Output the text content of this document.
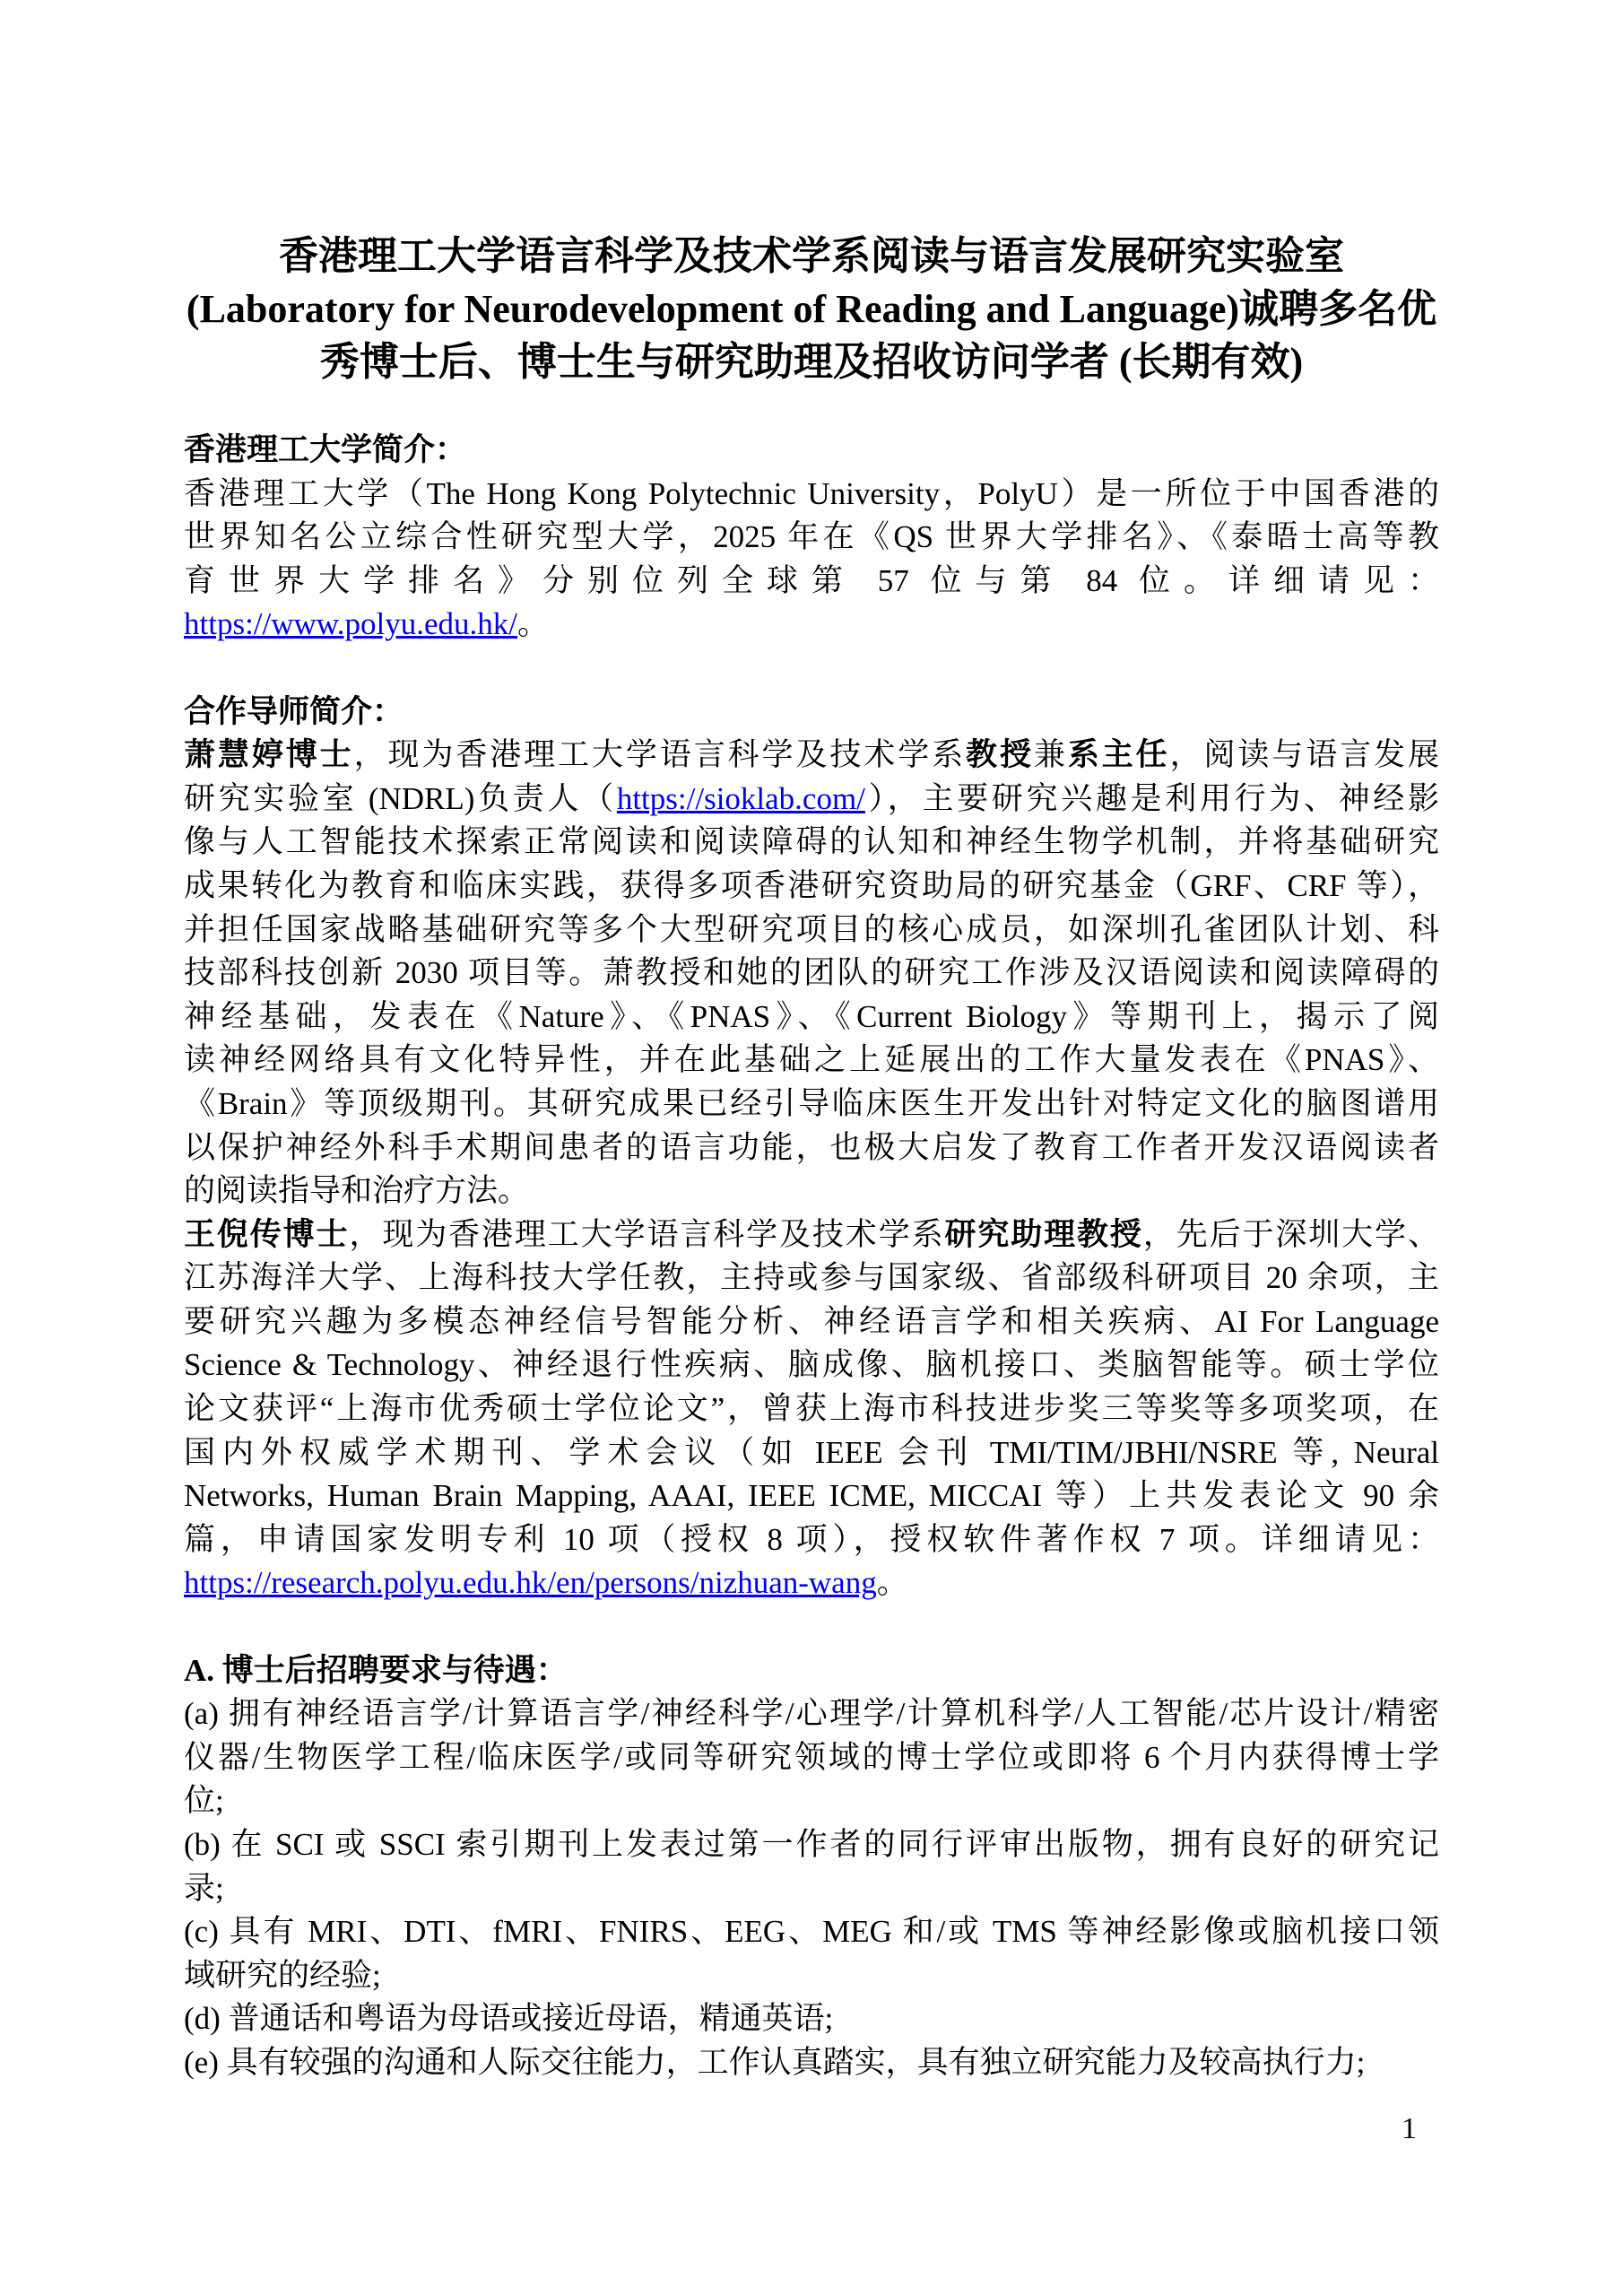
香港理工大学语言科学及技术学系阅读与语言发展研究实验室
(Laboratory for Neurodevelopment of Reading and Language)诚聘多名优
秀博士后、博士生与研究助理及招收访问学者 (长期有效)
香港理工大学简介：
香港理工大学（The Hong Kong Polytechnic University，PolyU）是一所位于中国香港的
世界知名公立综合性研究型大学，2025 年在《QS 世界大学排名》、《泰晤士高等教
育世界大学排名》分别位列全球第 57 位与第 84 位。详细请见：
https://www.polyu.edu.hk/。
合作导师简介：
萧慧婷博士，现为香港理工大学语言科学及技术学系教授兼系主任，阅读与语言发展
研究实验室 (NDRL)负责人（https://sioklab.com/），主要研究兴趣是利用行为、神经影
像与人工智能技术探索正常阅读和阅读障碍的认知和神经生物学机制，并将基础研究
成果转化为教育和临床实践，获得多项香港研究资助局的研究基金（GRF、CRF 等），
并担任国家战略基础研究等多个大型研究项目的核心成员，如深圳孔雀团队计划、科
技部科技创新 2030 项目等。萧教授和她的团队的研究工作涉及汉语阅读和阅读障碍的
神经基础，发表在《Nature》、《PNAS》、《Current Biology》等期刊上，揭示了阅
读神经网络具有文化特异性，并在此基础之上延展出的工作大量发表在《PNAS》、
《Brain》等顶级期刊。其研究成果已经引导临床医生开发出针对特定文化的脑图谱用
以保护神经外科手术期间患者的语言功能，也极大启发了教育工作者开发汉语阅读者
的阅读指导和治疗方法。
王倪传博士，现为香港理工大学语言科学及技术学系研究助理教授，先后于深圳大学、
江苏海洋大学、上海科技大学任教，主持或参与国家级、省部级科研项目 20 余项，主
要研究兴趣为多模态神经信号智能分析、神经语言学和相关疾病、AI For Language
Science & Technology、神经退行性疾病、脑成像、脑机接口、类脑智能等。硕士学位
论文获评“上海市优秀硕士学位论文”，曾获上海市科技进步奖三等奖等多项奖项，在
国内外权威学术期刊、学术会议（如 IEEE 会刊 TMI/TIM/JBHI/NSRE 等, Neural
Networks, Human Brain Mapping, AAAI, IEEE ICME, MICCAI 等）上共发表论文 90 余
篇，申请国家发明专利 10 项（授权 8 项），授权软件著作权 7 项。详细请见：
https://research.polyu.edu.hk/en/persons/nizhuan-wang。
A. 博士后招聘要求与待遇：
(a) 拥有神经语言学/计算语言学/神经科学/心理学/计算机科学/人工智能/芯片设计/精密
仪器/生物医学工程/临床医学/或同等研究领域的博士学位或即将 6 个月内获得博士学
位;
(b) 在 SCI 或 SSCI 索引期刊上发表过第一作者的同行评审出版物，拥有良好的研究记
录;
(c) 具有 MRI、DTI、fMRI、FNIRS、EEG、MEG 和/或 TMS 等神经影像或脑机接口领
域研究的经验;
(d) 普通话和粤语为母语或接近母语，精通英语;
(e) 具有较强的沟通和人际交往能力，工作认真踏实，具有独立研究能力及较高执行力;
1
